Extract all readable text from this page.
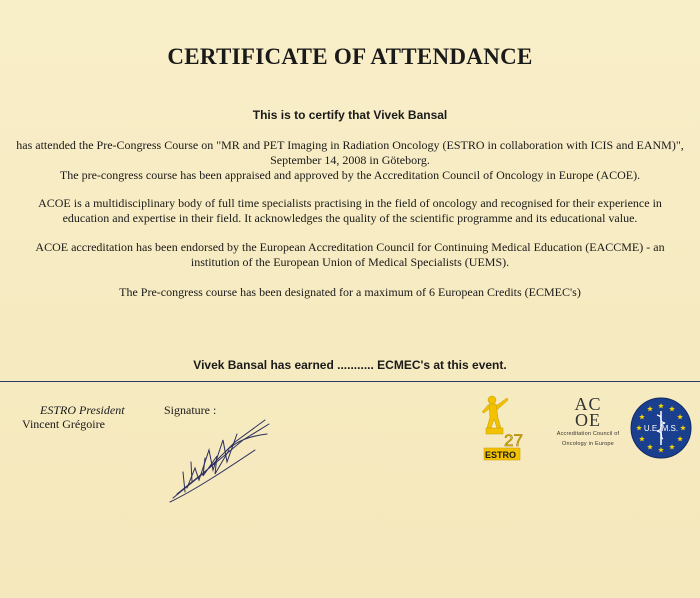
CERTIFICATE OF ATTENDANCE
This is to certify that Vivek Bansal
has attended the Pre-Congress Course on "MR and PET Imaging in Radiation Oncology (ESTRO in collaboration with ICIS and EANM)",
September 14, 2008 in Göteborg.
The pre-congress course has been appraised and approved by the Accreditation Council of Oncology in Europe (ACOE).
ACOE is a multidisciplinary body of full time specialists practising in the field of oncology and recognised for their experience in
education and expertise in their field. It acknowledges the quality of the scientific programme and its educational value.
ACOE accreditation has been endorsed by the European Accreditation Council for Continuing Medical Education (EACCME) - an
institution of the European Union of Medical Specialists (UEMS).
The Pre-congress course has been designated for a maximum of 6 European Credits (ECMEC's)
Vivek Bansal has earned ........... ECMEC's at this event.
ESTRO President
Vincent Grégoire
Signature :
27
ESTRO
AC
OE
Accreditation Council of
Oncology in Europe
U.E. M.S.
